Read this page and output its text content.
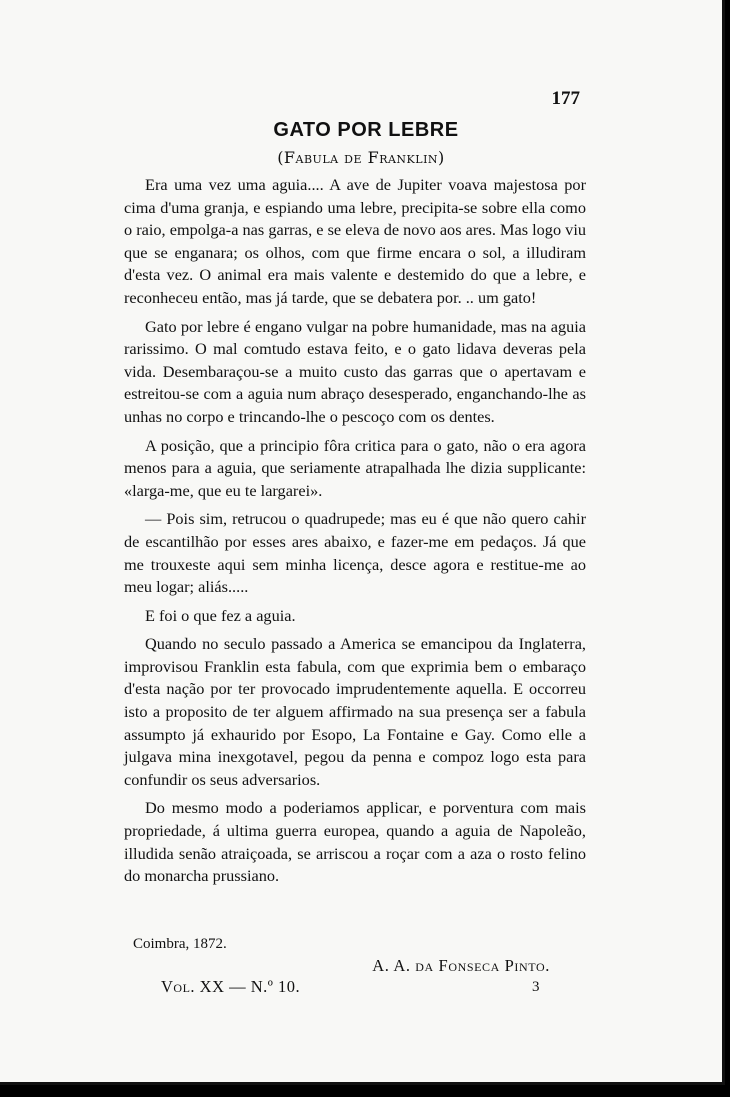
177
GATO POR LEBRE
(Fabula de Franklin)

Era uma vez uma aguia.... A ave de Jupiter voava majestosa por cima d'uma granja, e espiando uma lebre, precipita-se sobre ella como o raio, empolga-a nas garras, e se eleva de novo aos ares. Mas logo viu que se enganara; os olhos, com que firme encara o sol, a illudiram d'esta vez. O animal era mais valente e destemido do que a lebre, e reconheceu então, mas já tarde, que se debatera por. .. um gato!

Gato por lebre é engano vulgar na pobre humanidade, mas na aguia rarissimo. O mal comtudo estava feito, e o gato lidava deveras pela vida. Desembaraçou-se a muito custo das garras que o apertavam e estreitou-se com a aguia num abraço desesperado, enganchando-lhe as unhas no corpo e trincando-lhe o pescoço com os dentes.

A posição, que a principio fôra critica para o gato, não o era agora menos para a aguia, que seriamente atrapalhada lhe dizia supplicante: «larga-me, que eu te largarei».

— Pois sim, retrucou o quadrupede; mas eu é que não quero cahir de escantilhão por esses ares abaixo, e fazer-me em pedaços. Já que me trouxeste aqui sem minha licença, desce agora e restitue-me ao meu logar; aliás.....

E foi o que fez a aguia.

Quando no seculo passado a America se emancipou da Inglaterra, improvisou Franklin esta fabula, com que exprimia bem o embaraço d'esta nação por ter provocado imprudentemente aquella. E occorreu isto a proposito de ter alguem affirmado na sua presença ser a fabula assumpto já exhaurido por Esopo, La Fontaine e Gay. Como elle a julgava mina inexgotavel, pegou da penna e compoz logo esta para confundir os seus adversarios.

Do mesmo modo a poderiamos applicar, e porventura com mais propriedade, á ultima guerra europea, quando a aguia de Napoleão, illudida senão atraiçoada, se arriscou a roçar com a aza o rosto felino do monarcha prussiano.

Coimbra, 1872.
A. A. da Fonseca Pinto.
Vol. XX — N.º 10.	3
